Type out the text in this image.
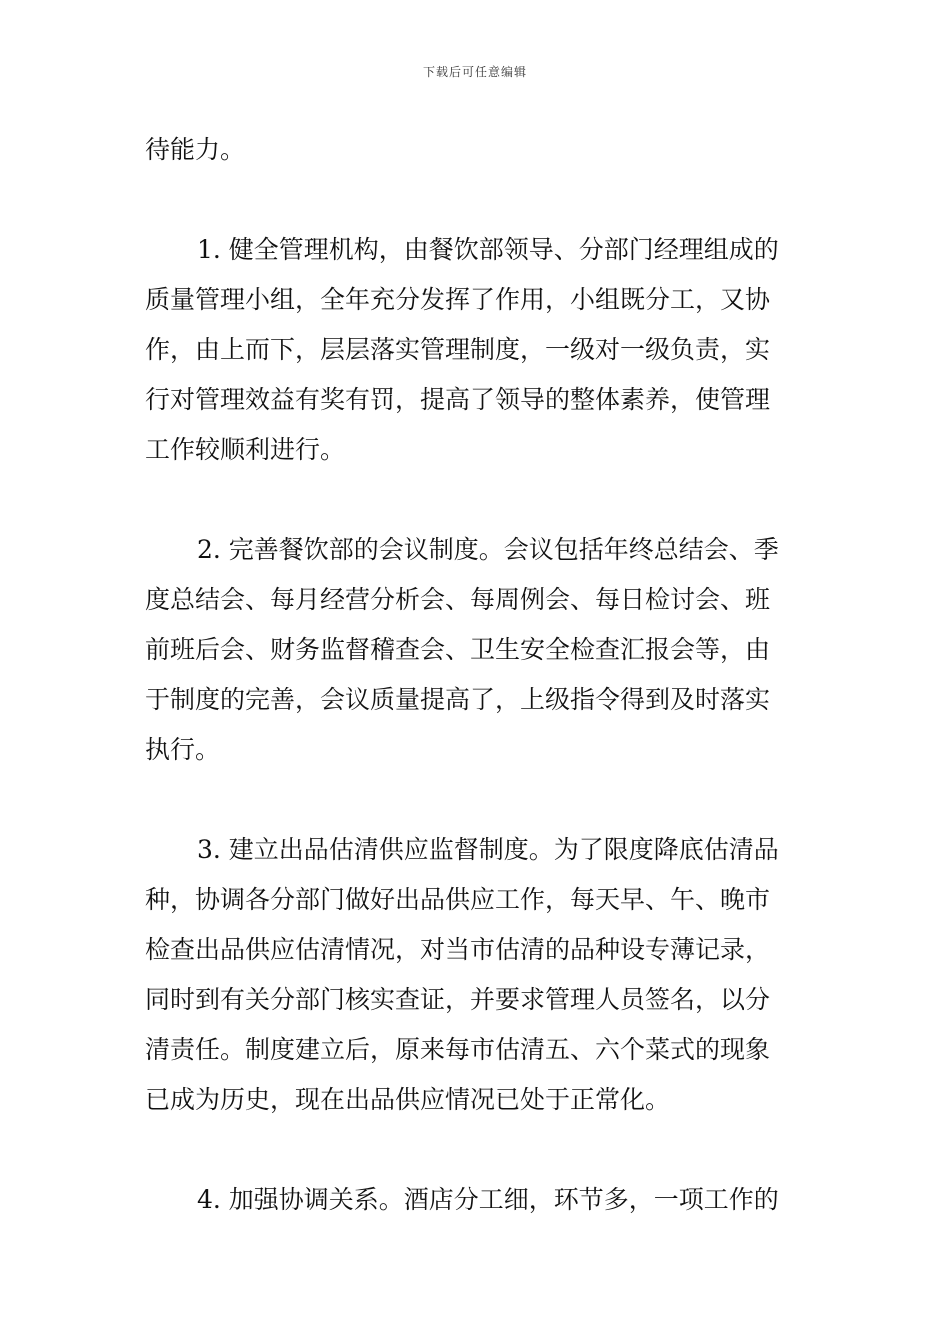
下载后可任意编辑
待能力。
1. 健全管理机构，由餐饮部领导、分部门经理组成的
质量管理小组，全年充分发挥了作用，小组既分工，又协
作，由上而下，层层落实管理制度，一级对一级负责，实
行对管理效益有奖有罚，提高了领导的整体素养，使管理
工作较顺利进行。
2. 完善餐饮部的会议制度。会议包括年终总结会、季
度总结会、每月经营分析会、每周例会、每日检讨会、班
前班后会、财务监督稽查会、卫生安全检查汇报会等，由
于制度的完善，会议质量提高了，上级指令得到及时落实
执行。
3. 建立出品估清供应监督制度。为了限度降底估清品
种，协调各分部门做好出品供应工作，每天早、午、晚市
检查出品供应估清情况，对当市估清的品种设专薄记录，
同时到有关分部门核实查证，并要求管理人员签名，以分
清责任。制度建立后，原来每市估清五、六个菜式的现象
已成为历史，现在出品供应情况已处于正常化。
4. 加强协调关系。酒店分工细，环节多，一项工作的
